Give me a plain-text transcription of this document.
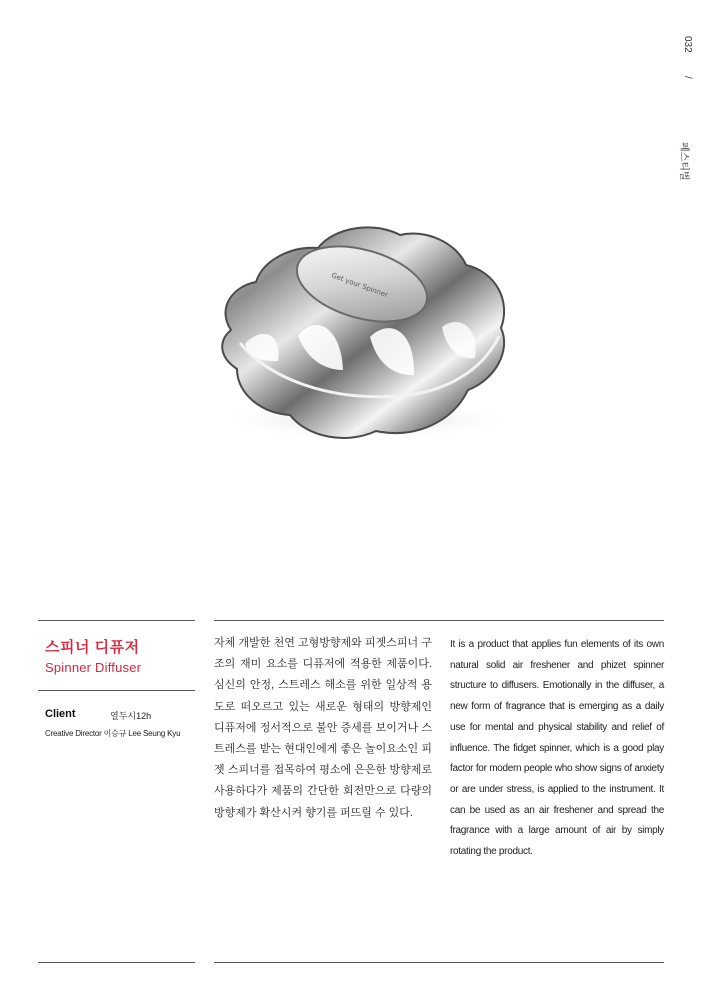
032
/
페스티벌
Get your Spinner
스피너 디퓨저
Spinner Diffuser
Client	열두시12h
Creative Director 이승규 Lee Seung Kyu
자체 개발한 천연 고형방향제와 피젯스피너 구조의 재미 요소를 디퓨저에 적용한 제품이다. 심신의 안정, 스트레스 해소를 위한 일상적 용도로 떠오르고 있는 새로운 형태의 방향제인 디퓨저에 정서적으로 불안 증세를 보이거나 스트레스를 받는 현대인에게 좋은 놀이요소인 피젯 스피너를 접목하여 평소에 은은한 방향제로 사용하다가 제품의 간단한 회전만으로 다량의 방향제가 확산시켜 향기를 퍼뜨릴 수 있다.
It is a product that applies fun elements of its own natural solid air freshener and phizet spinner structure to diffusers. Emotionally in the diffuser, a new form of fragrance that is emerging as a daily use for mental and physical stability and relief of influence. The fidget spinner, which is a good play factor for modern people who show signs of anxiety or are under stress, is applied to the instrument. It can be used as an air freshener and spread the fragrance with a large amount of air by simply rotating the product.
